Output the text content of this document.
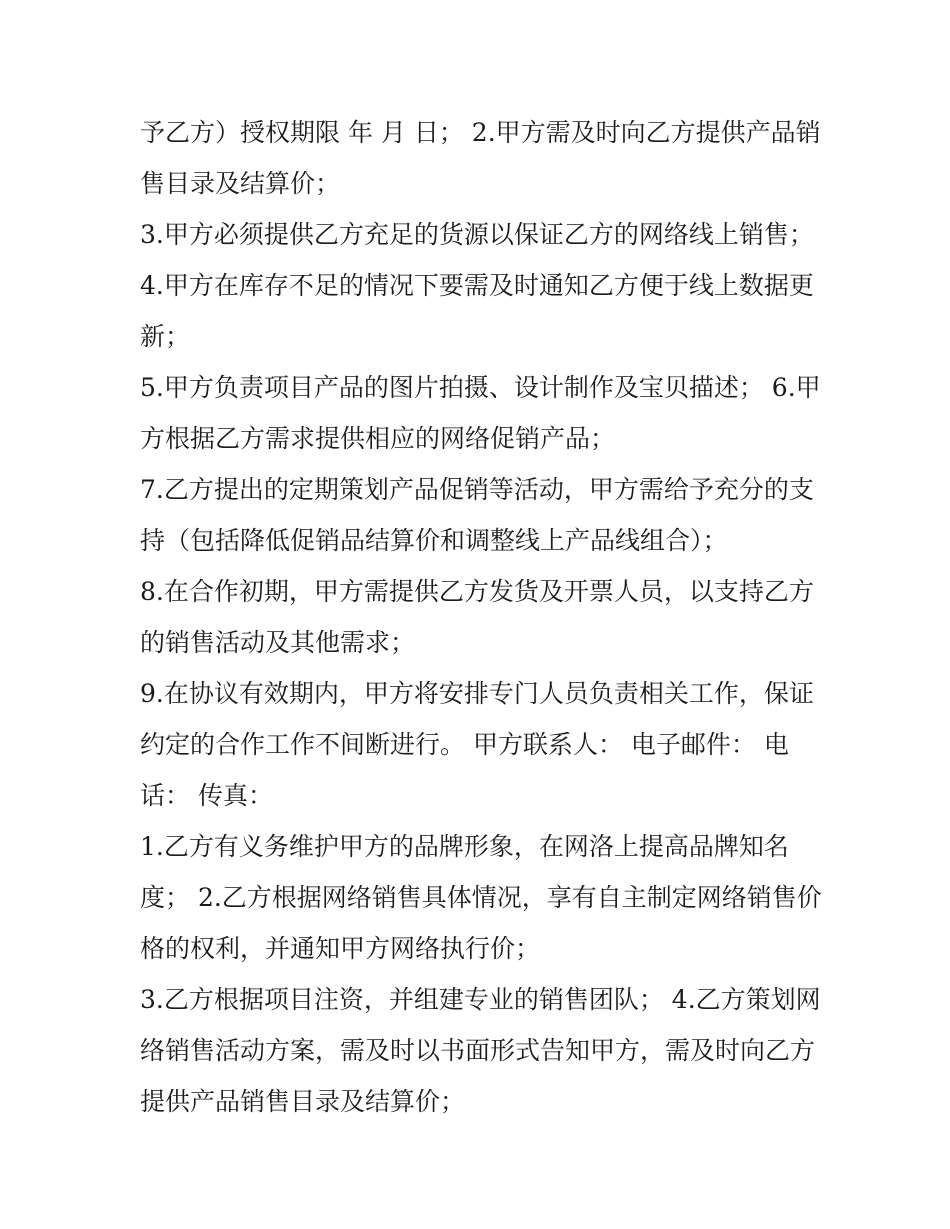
予乙方）授权期限 年 月 日； 2.甲方需及时向乙方提供产品销
售目录及结算价；

3.甲方必须提供乙方充足的货源以保证乙方的网络线上销售；

4.甲方在库存不足的情况下要需及时通知乙方便于线上数据更
新；

5.甲方负责项目产品的图片拍摄、设计制作及宝贝描述； 6.甲
方根据乙方需求提供相应的网络促销产品；

7.乙方提出的定期策划产品促销等活动，甲方需给予充分的支
持（包括降低促销品结算价和调整线上产品线组合）；

8.在合作初期，甲方需提供乙方发货及开票人员，以支持乙方
的销售活动及其他需求；

9.在协议有效期内，甲方将安排专门人员负责相关工作，保证
约定的合作工作不间断进行。 甲方联系人： 电子邮件： 电
话： 传真：

1.乙方有义务维护甲方的品牌形象，在网洛上提高品牌知名
度； 2.乙方根据网络销售具体情况，享有自主制定网络销售价
格的权利，并通知甲方网络执行价；

3.乙方根据项目注资，并组建专业的销售团队； 4.乙方策划网
络销售活动方案，需及时以书面形式告知甲方，需及时向乙方
提供产品销售目录及结算价；
